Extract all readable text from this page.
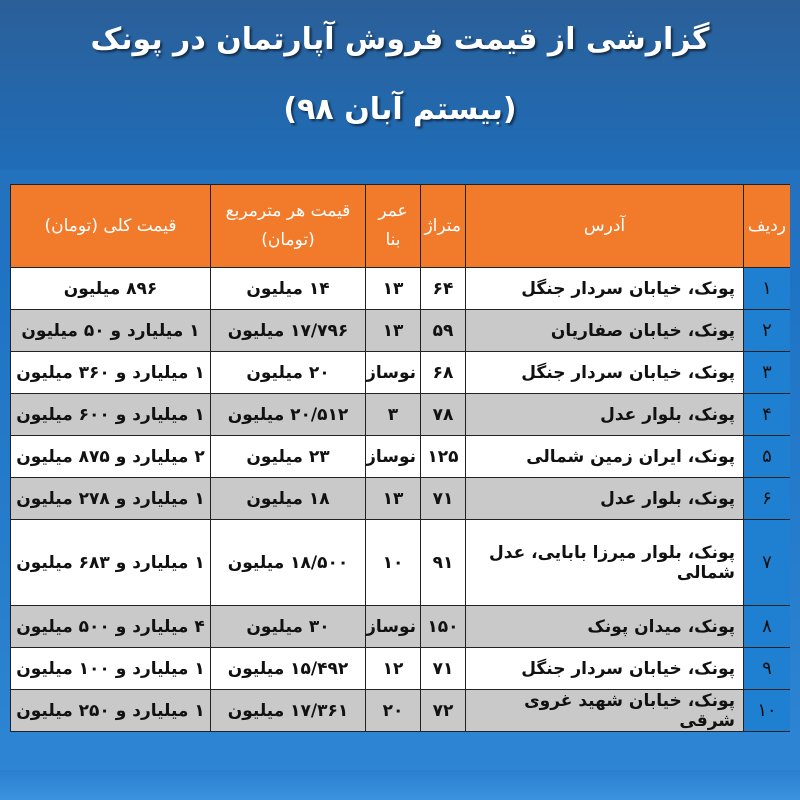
گزارشی از قیمت فروش آپارتمان در پونک
(بیستم آبان ۹۸)
ردیف	آدرس	متراژ	عمر بنا	قیمت هر مترمربع (تومان)	قیمت کلی (تومان)
۱	پونک، خیابان سردار جنگل	۶۴	۱۳	۱۴ میلیون	۸۹۶ میلیون
۲	پونک، خیابان صفاریان	۵۹	۱۳	۱۷/۷۹۶ میلیون	۱ میلیارد و ۵۰ میلیون
۳	پونک، خیابان سردار جنگل	۶۸	نوساز	۲۰ میلیون	۱ میلیارد و ۳۶۰ میلیون
۴	پونک، بلوار عدل	۷۸	۳	۲۰/۵۱۲ میلیون	۱ میلیارد و ۶۰۰ میلیون
۵	پونک، ایران زمین شمالی	۱۲۵	نوساز	۲۳ میلیون	۲ میلیارد و ۸۷۵ میلیون
۶	پونک، بلوار عدل	۷۱	۱۳	۱۸ میلیون	۱ میلیارد و ۲۷۸ میلیون
۷	پونک، بلوار میرزا بابایی، عدل شمالی	۹۱	۱۰	۱۸/۵۰۰ میلیون	۱ میلیارد و ۶۸۳ میلیون
۸	پونک، میدان پونک	۱۵۰	نوساز	۳۰ میلیون	۴ میلیارد و ۵۰۰ میلیون
۹	پونک، خیابان سردار جنگل	۷۱	۱۲	۱۵/۴۹۲ میلیون	۱ میلیارد و ۱۰۰ میلیون
۱۰	پونک، خیابان شهید غروی شرقی	۷۲	۲۰	۱۷/۳۶۱ میلیون	۱ میلیارد و ۲۵۰ میلیون
